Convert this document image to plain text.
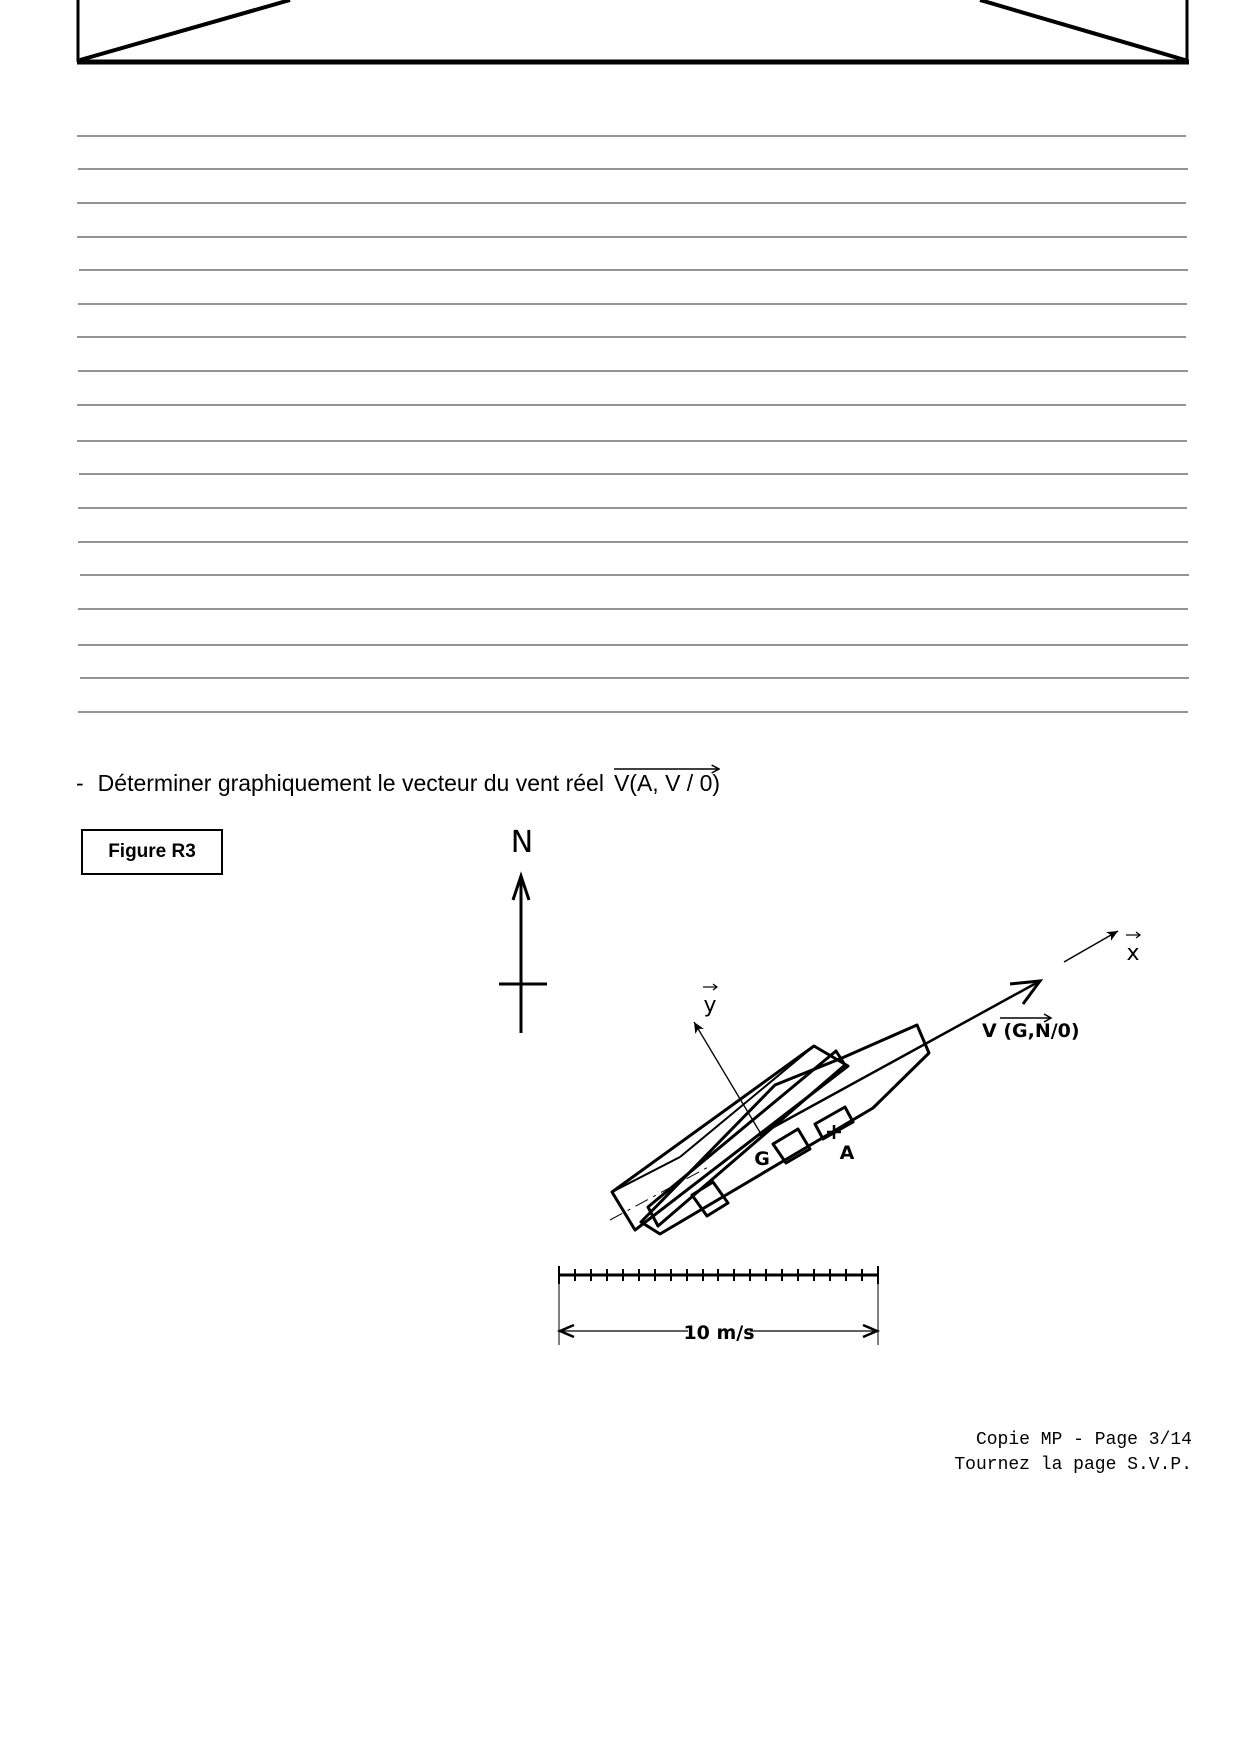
- Déterminer graphiquement le vecteur du vent réel V(A, V / 0)
Figure R3	N
x
y
V (G,N/0)
G	A
10 m/s
Copie MP - Page 3/14
Tournez la page S.V.P.
